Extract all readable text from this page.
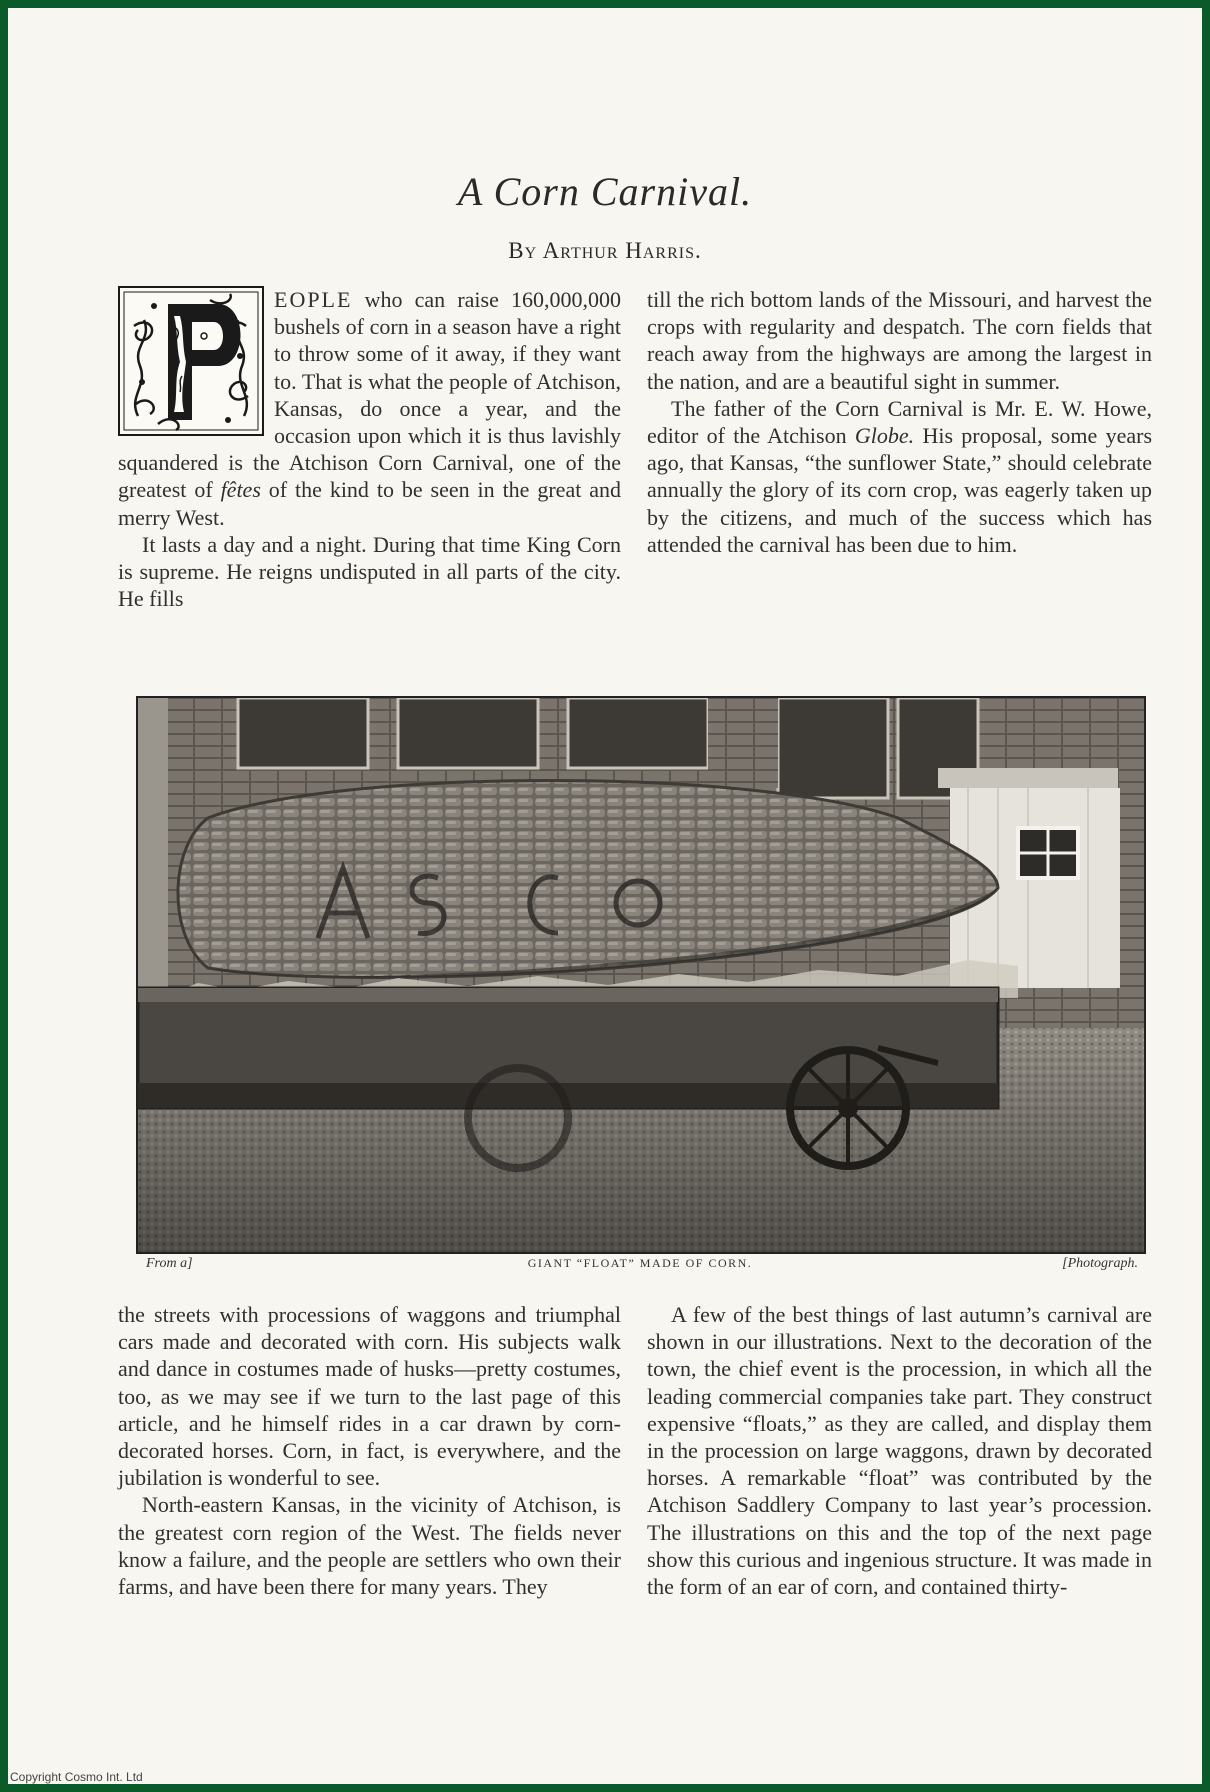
A Corn Carnival.
By Arthur Harris.

EOPLE who can raise 160,000,000 bushels of corn in a season have a right to throw some of it away, if they want to. That is what the people of Atchison, Kansas, do once a year, and the occasion upon which it is thus lavishly squandered is the Atchison Corn Carnival, one of the greatest of fêtes of the kind to be seen in the great and merry West.

It lasts a day and a night. During that time King Corn is supreme. He reigns undisputed in all parts of the city. He fills

till the rich bottom lands of the Missouri, and harvest the crops with regularity and despatch. The corn fields that reach away from the highways are among the largest in the nation, and are a beautiful sight in summer.

The father of the Corn Carnival is Mr. E. W. Howe, editor of the Atchison Globe. His proposal, some years ago, that Kansas, “the sunflower State,” should celebrate annually the glory of its corn crop, was eagerly taken up by the citizens, and much of the success which has attended the carnival has been due to him.

From a]	GIANT “FLOAT” MADE OF CORN.	[Photograph.

the streets with processions of waggons and triumphal cars made and decorated with corn. His subjects walk and dance in costumes made of husks—pretty costumes, too, as we may see if we turn to the last page of this article, and he himself rides in a car drawn by corn-decorated horses. Corn, in fact, is everywhere, and the jubilation is wonderful to see.

North-eastern Kansas, in the vicinity of Atchison, is the greatest corn region of the West. The fields never know a failure, and the people are settlers who own their farms, and have been there for many years. They

A few of the best things of last autumn’s carnival are shown in our illustrations. Next to the decoration of the town, the chief event is the procession, in which all the leading commercial companies take part. They construct expensive “floats,” as they are called, and display them in the procession on large waggons, drawn by decorated horses. A remarkable “float” was contributed by the Atchison Saddlery Company to last year’s procession. The illustrations on this and the top of the next page show this curious and ingenious structure. It was made in the form of an ear of corn, and contained thirty-

Copyright Cosmo Int. Ltd
